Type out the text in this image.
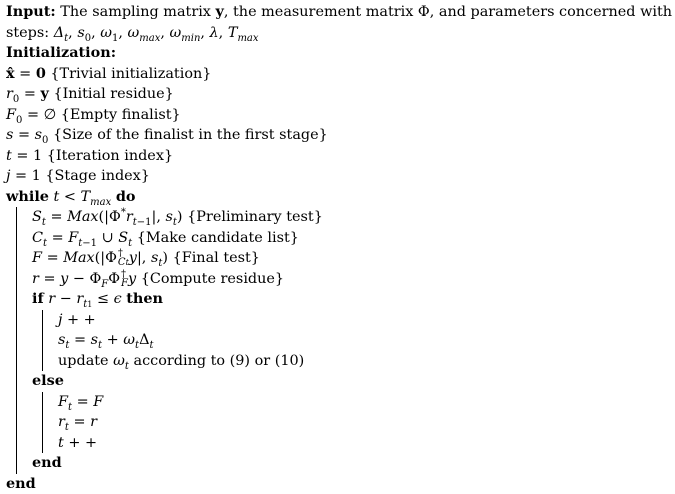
Input: The sampling matrix y, the measurement matrix Φ, and parameters concerned with
steps: $\Delta_t$, $s_0$, $\omega_1$, $\omega_{max}$, $\omega_{min}$, λ, $T_{max}$
Initialization:
x̂ = 0 {Trivial initialization}
$r_0 = y$ {Initial residue}
$F_0$ = ∅ {Empty finalist}
$s = s_0$ {Size of the finalist in the first stage}
t = 1 {Iteration index}
j = 1 {Stage index}
while $t < T_{max}$ do
$S_t = Max(|\Phi^*r_{t-1}|$, $s_t$) {Preliminary test}
$C_t = F_{t-1}$ ∪ $S_t$ {Make candidate list}
F = Max(|Φ †
Ct y|, $s_t$) {Final test}
$r = y - \Phi_F\Phi$ †
F y {Compute residue}
if $r - r_{t1} \le \epsilon$ then
j + +
$s_t = s_t + \omega_t\Delta_t$
update $\omega_t$ according to (9) or (10)
else
$F_t = F$
$r_t = r$
t + +
end
end
